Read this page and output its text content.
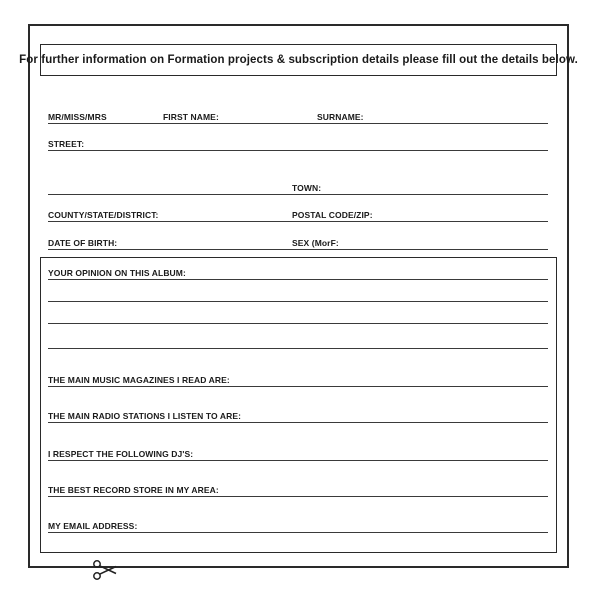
For further information on Formation projects & subscription details please fill out the details below.
MR/MISS/MRS	FIRST NAME:	SURNAME:
STREET:
TOWN:
COUNTY/STATE/DISTRICT:	POSTAL CODE/ZIP:
DATE OF BIRTH:	SEX (MorF:
YOUR OPINION ON THIS ALBUM:
THE MAIN MUSIC MAGAZINES I READ ARE:
THE MAIN RADIO STATIONS I LISTEN TO ARE:
I RESPECT THE FOLLOWING DJ'S:
THE BEST RECORD STORE IN MY AREA:
MY EMAIL ADDRESS:
